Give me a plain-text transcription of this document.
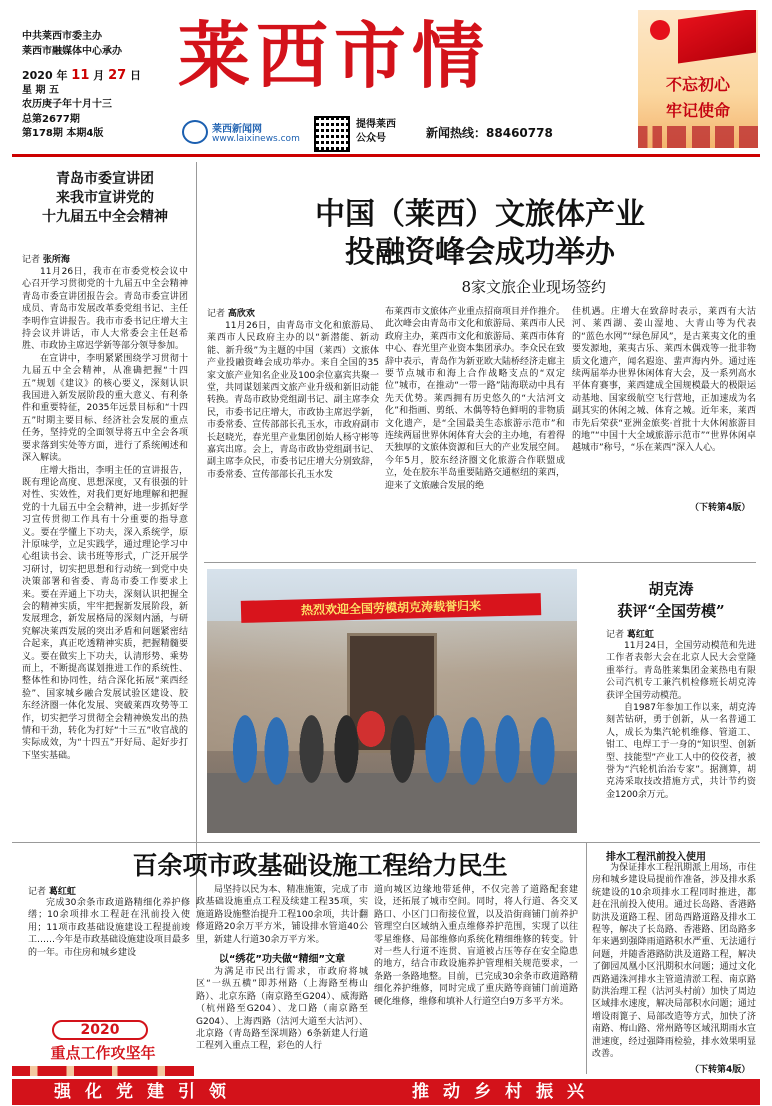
中共莱西市委主办
莱西市融媒体中心承办
2020 年 11 月 27 日
星 期 五
农历庚子年十月十三
总第2677期
第178期 本期4版
莱西市情
莱西新闻网
www.laixinews.com
提得莱西
公众号	新闻热线：88460778
不忘初心
牢记使命
青岛市委宣讲团
来我市宣讲党的
十九届五中全会精神
记者 张所海

11月26日，我市在市委党校会议中心召开学习贯彻党的十九届五中全会精神青岛市委宣讲团报告会。青岛市委宣讲团成员、青岛市发展改革委党组书记、主任李明作宣讲报告。我市市委书记庄增大主持会议并讲话，市人大常委会主任赵希胜、市政协主席迟学新等部分领导参加。

在宣讲中，李明紧紧围绕学习贯彻十九届五中全会精神，从准确把握“十四五”规划《建议》的核心要义，深刻认识我国进入新发展阶段的重大意义、有利条件和重要特征，2035年远景目标和“十四五”时期主要目标、经济社会发展的重点任务，坚持党的全面领导将五中全会各项要求落到实处等方面，进行了系统阐述和深入解读。

庄增大指出，李明主任的宣讲报告，既有理论高度、思想深度，又有很强的针对性、实效性，对我们更好地理解和把握党的十九届五中全会精神，进一步抓好学习宣传贯彻工作具有十分重要的指导意义。要在学懂上下功夫，深入系统学，原汁原味学，立足实践学，通过理论学习中心组读书会、读书班等形式，广泛开展学习研讨，切实把思想和行动统一到党中央决策部署和省委、青岛市委工作要求上来。要在弄通上下功夫，深刻认识把握全会的精神实质，牢牢把握新发展阶段，新发展理念，新发展格局的深刻内涵，与研究解决莱西发展的突出矛盾和问题紧密结合起来，真正吃透精神实质，把握精髓要义。要在做实上下功夫，认清形势、乘势而上，不断提高谋划推进工作的系统性、整体性和协同性，结合深化拓展“莱西经验”、国家城乡融合发展试验区建设、胶东经济圈一体化发展、突破莱西攻势等工作，切实把学习贯彻全会精神焕发出的热情和干劲，转化为打好“十三五”收官战的实际成效，为“十四五”开好局、起好步打下坚实基础。

中国（莱西）文旅体产业
投融资峰会成功举办
8家文旅企业现场签约
记者 高欣欢

11月26日，由青岛市文化和旅游局、莱西市人民政府主办的以“新潜能、新动能、新升级”为主题的中国（莱西）文旅体产业投融资峰会成功举办。来自全国的35家文旅产业知名企业及100余位嘉宾共聚一堂，共同谋划莱西文旅产业升级和新旧动能转换。青岛市政协党组副书记、副主席李众民，市委书记庄增大，市政协主席迟学新，市委常委、宣传部部长孔玉水，市政府副市长赵晓光，春光里产业集团创始人杨守彬等嘉宾出席。会上，青岛市政协党组副书记、副主席李众民，市委书记庄增大分别致辞，市委常委、宣传部部长孔玉水发

布莱西市文旅体产业重点招商项目并作推介。此次峰会由青岛市文化和旅游局、莱西市人民政府主办，莱西市文化和旅游局、莱西市体育中心、春光里产业资本集团承办。李众民在致辞中表示，青岛作为新亚欧大陆桥经济走廊主要节点城市和海上合作战略支点的“双定位”城市，在推动“一带一路”陆海联动中具有先天优势。莱西拥有历史悠久的“大沽河文化”和指画、剪纸、木偶等特色鲜明的非物质文化遗产，是“全国最美生态旅游示范市”和连续两届世界休闲体育大会的主办地，有着得天独厚的文旅体资源和巨大的产业发展空间。今年5月，胶东经济圈文化旅游合作联盟成立，处在胶东半岛重要陆路交通枢纽的莱西，迎来了文旅融合发展的绝

佳机遇。庄增大在致辞时表示，莱西有大沽河、莱西湖、姜山湿地、大青山等为代表的“蓝色水网”“绿色屏风”，是古莱夷文化的重要发源地，莱夷古乐、莱西木偶戏等一批非物质文化遗产，闻名遐迩、蜚声海内外。通过连续两届举办世界休闲体育大会，及一系列高水平体育赛事，莱西建成全国规模最大的极限运动基地、国家级航空飞行营地，正加速成为名副其实的休闲之城、体育之城。近年来，莱西市先后荣获“亚洲金旅奖·首批十大休闲旅游目的地”“中国十大全域旅游示范市”“世界休闲卓越城市”称号，“乐在莱西”深入人心。

（下转第4版）
热烈欢迎全国劳模胡克涛载誉归来
胡克涛
获评“全国劳模”
记者 葛红虹

11月24日，全国劳动模范和先进工作者表彰大会在北京人民大会堂隆重举行。青岛胜莱集团金莱热电有限公司汽机专工兼汽机检修班长胡克涛获评全国劳动模范。

自1987年参加工作以来，胡克涛刻苦钻研，勇于创新，从一名普通工人，成长为集汽轮机维修、管道工、钳工、电焊工于一身的“知识型、创新型、技能型”产业工人中的佼佼者，被誉为“汽轮机治治专家”。据测算，胡克涛采取技改措施方式，共计节约资金1200余万元。

百余项市政基础设施工程给力民生
记者 葛红虹

完成30余条市政道路精细化养护修缮；10余项排水工程赶在汛前投入使用；11项市政基础设施建设工程提前竣工……今年是市政基础设施建设项目最多的一年。市住房和城乡建设

2020
重点工作攻坚年

局坚持以民为本、精准施策，完成了市政基础设施重点工程及续建工程35项，实施道路设施整治提升工程100余项，共计翻修道路20余万平方米，铺设排水管道40公里，新建人行道30余万平方米。

以“绣花”功夫做“精细”文章

为满足市民出行需求，市政府将城区“一纵五横”即苏州路（上海路至梅山路）、北京东路（南京路至G204）、威海路（杭州路至G204）、龙口路（南京路至G204）、上海西路（沽河大道至大沽河）、北京路（青岛路至深圳路）6条新建人行道工程列入重点工程，彩色的人行

道向城区边缘地带延伸，不仅完善了道路配套建设，还拓展了城市空间。同时，将人行道、各交叉路口、小区门口衔接位置，以及沿街商铺门前养护管理空白区域纳入重点维修养护范围，实现了以往零星维修、局部维修向系统化精细维修的转变。针对一些人行道不连贯、盲道被占压等存在安全隐患的地方，结合市政设施养护管理相关规范要求，一条路一条路地整。目前，已完成30余条市政道路精细化养护维修，同时完成了重庆路等商铺门前道路硬化维修，维修和填补人行道空白9万多平方米。

排水工程汛前投入使用

为保证排水工程汛期派上用场，市住房和城乡建设局提前作准备，涉及排水系统建设的10余项排水工程同时推进，都赶在汛前投入使用。通过长岛路、香港路防洪及道路工程、团岛西路道路及排水工程等，解决了长岛路、香港路、团岛路多年来遇到强降雨道路积水严重、无法通行问题，并随香港路防洪及道路工程，解决了御园凤凰小区汛期积水问题；通过文化西路通洙河排水主管道清淤工程、南京路防洪治理工程（沽河头村前）加快了周边区域排水速度，解决局部积水问题；通过增设雨篦子、局部改造等方式，加快了济南路、梅山路、常州路等区域汛期雨水宣泄速度，经过强降雨检验，排水效果明显改善。

（下转第4版）
强化党建引领	推动乡村振兴
